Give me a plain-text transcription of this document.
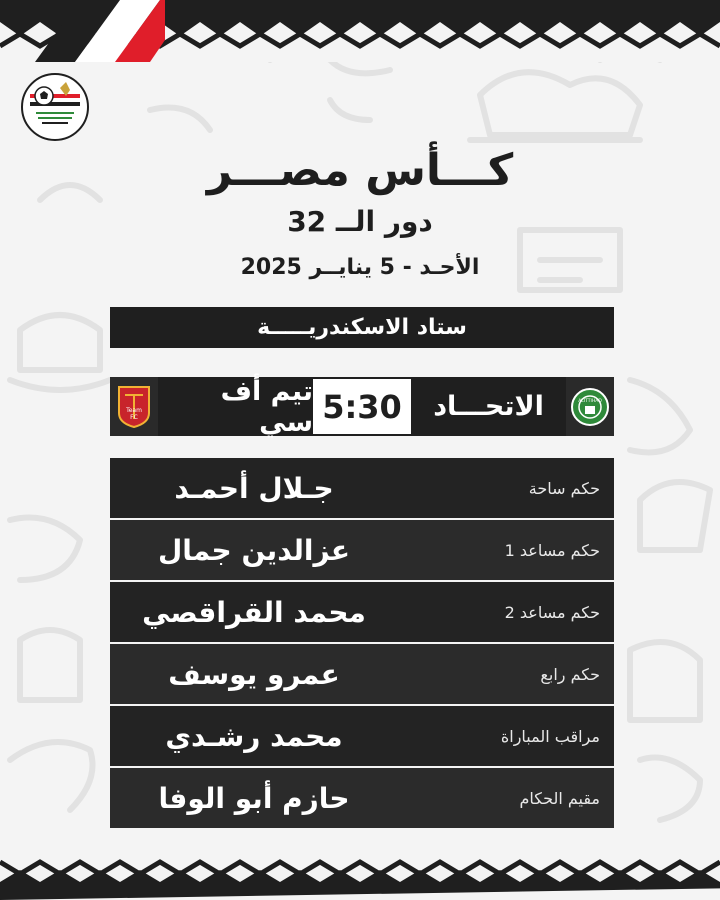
كـــأس مصـــر
دور الــ 32
الأحـد - 5 ينايــر 2025
ستاد الاسكندريـــــة
Team
FC
تيم أف سي 5:30 الاتحـــاد	ALITTIHAD
حكم ساحة
جـلال أحمـد
حكم مساعد 1
عزالدين جمال
حكم مساعد 2
محمد القراقصي
حكم رابع
عمرو يوسف
مراقب المباراة
محمد رشـدي
مقيم الحكام
حازم أبو الوفا
